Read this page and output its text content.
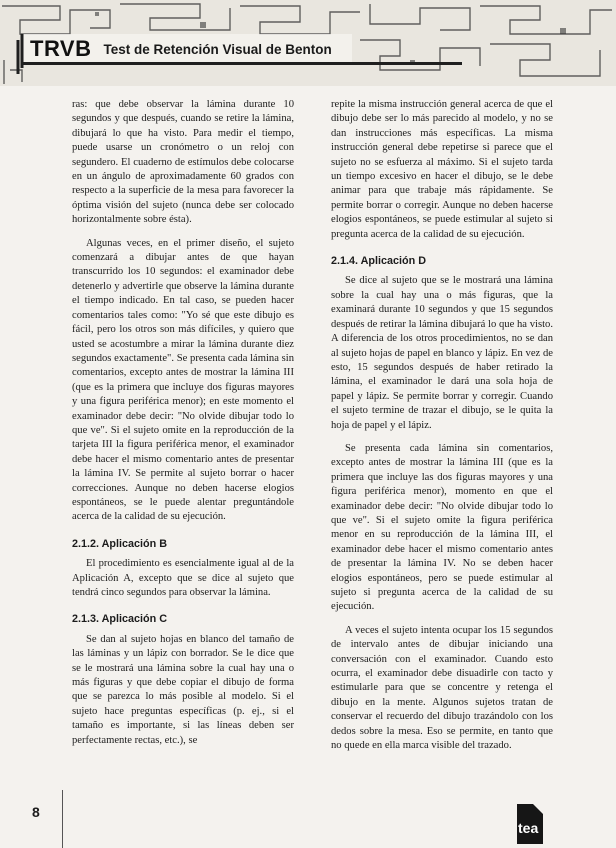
TRVB Test de Retención Visual de Benton

ras: que debe observar la lámina durante 10 segundos y que después, cuando se retire la lámina, dibujará lo que ha visto. Para medir el tiempo, puede usarse un cronómetro o un reloj con segundero. El cuaderno de estímulos debe colocarse en un ángulo de aproximadamente 60 grados con respecto a la superficie de la mesa para favorecer la óptima visión del sujeto (nunca debe ser colocado horizontalmente sobre ésta).

Algunas veces, en el primer diseño, el sujeto comenzará a dibujar antes de que hayan transcurrido los 10 segundos: el examinador debe detenerlo y advertirle que observe la lámina durante el tiempo indicado. En tal caso, se pueden hacer comentarios tales como: "Yo sé que este dibujo es fácil, pero los otros son más difíciles, y quiero que usted se acostumbre a mirar la lámina durante diez segundos exactamente". Se presenta cada lámina sin comentarios, excepto antes de mostrar la lámina III (que es la primera que incluye dos figuras mayores y una figura periférica menor); en este momento el examinador debe decir: "No olvide dibujar todo lo que ve". Si el sujeto omite en la reproducción de la tarjeta III la figura periférica menor, el examinador debe hacer el mismo comentario antes de presentar la lámina IV. Se permite al sujeto borrar o hacer correcciones. Aunque no deben hacerse elogios espontáneos, se le puede alentar preguntándole acerca de la calidad de su ejecución.

2.1.2. Aplicación B

El procedimiento es esencialmente igual al de la Aplicación A, excepto que se dice al sujeto que tendrá cinco segundos para observar la lámina.

2.1.3. Aplicación C

Se dan al sujeto hojas en blanco del tamaño de las láminas y un lápiz con borrador. Se le dice que se le mostrará una lámina sobre la cual hay una o más figuras y que debe copiar el dibujo de forma que se parezca lo más posible al modelo. Si el sujeto hace preguntas específicas (p. ej., si el tamaño es importante, si las líneas deben ser perfectamente rectas, etc.), se

repite la misma instrucción general acerca de que el dibujo debe ser lo más parecido al modelo, y no se dan instrucciones más específicas. La misma instrucción general debe repetirse si parece que el sujeto no se esfuerza al máximo. Si el sujeto tarda un tiempo excesivo en hacer el dibujo, se le debe animar para que trabaje más rápidamente. Se permite borrar o corregir. Aunque no deben hacerse elogios espontáneos, se puede estimular al sujeto si pregunta acerca de la calidad de su ejecución.

2.1.4. Aplicación D

Se dice al sujeto que se le mostrará una lámina sobre la cual hay una o más figuras, que la examinará durante 10 segundos y que 15 segundos después de retirar la lámina dibujará lo que ha visto. A diferencia de los otros procedimientos, no se dan al sujeto hojas de papel en blanco y lápiz. En vez de esto, 15 segundos después de haber retirado la lámina, el examinador le dará una sola hoja de papel y lápiz. Se permite borrar y corregir. Cuando el sujeto termine de trazar el dibujo, se le quita la hoja de papel y el lápiz.

Se presenta cada lámina sin comentarios, excepto antes de mostrar la lámina III (que es la primera que incluye las dos figuras mayores y una figura periférica menor), momento en que el examinador debe decir: "No olvide dibujar todo lo que ve". Si el sujeto omite la figura periférica menor en su reproducción de la lámina III, el examinador debe hacer el mismo comentario antes de presentar la lámina IV. No se deben hacer elogios espontáneos, pero se puede estimular al sujeto si pregunta acerca de la calidad de su ejecución.

A veces el sujeto intenta ocupar los 15 segundos de intervalo antes de dibujar iniciando una conversación con el examinador. Cuando esto ocurra, el examinador debe disuadirle con tacto y estimularle para que se concentre y retenga el dibujo en la mente. Algunos sujetos tratan de conservar el recuerdo del dibujo trazándolo con los dedos sobre la mesa. Eso se permite, en tanto que no quede en ella marca visible del trazado.

8
tea
